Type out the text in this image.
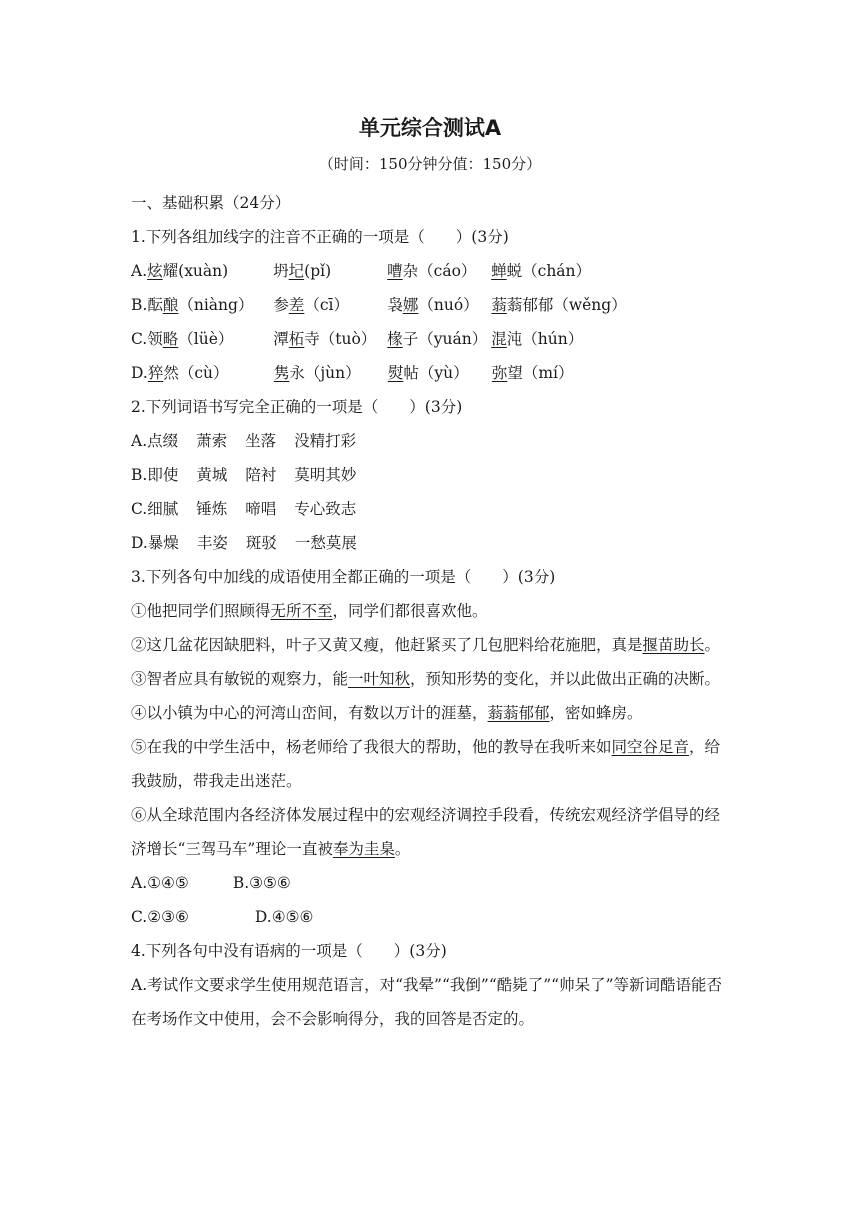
单元综合测试A
（时间：150分钟分值：150分）
一、基础积累（24分）
1.下列各组加线字的注音不正确的一项是（　　）(3分)
A.炫耀(xuàn)	坍圮(pǐ)	嘈杂（cáo） 蝉蜕（chán）
B.酝酿（niàng） 参差（cī） 袅娜（nuó） 蓊蓊郁郁（wěng）
C.领略（lüè）	潭柘寺（tuò） 椽子（yuán） 混沌（hún）
D.猝然（cù）	隽永（jùn） 熨帖（yù） 弥望（mí）
2.下列词语书写完全正确的一项是（　　）(3分)
A.点缀 萧索 坐落 没精打彩
B.即使 黄城 陪衬 莫明其妙
C.细腻 锤炼 啼唱 专心致志
D.暴燥 丰姿 斑驳 一愁莫展
3.下列各句中加线的成语使用全都正确的一项是（　　）(3分)
①他把同学们照顾得无所不至，同学们都很喜欢他。
②这几盆花因缺肥料，叶子又黄又瘦，他赶紧买了几包肥料给花施肥，真是揠苗助长。
③智者应具有敏锐的观察力，能一叶知秋，预知形势的变化，并以此做出正确的决断。
④以小镇为中心的河湾山峦间，有数以万计的涯墓，蓊蓊郁郁，密如蜂房。
⑤在我的中学生活中，杨老师给了我很大的帮助，他的教导在我听来如同空谷足音，给我鼓励，带我走出迷茫。
⑥从全球范围内各经济体发展过程中的宏观经济调控手段看，传统宏观经济学倡导的经济增长“三驾马车”理论一直被奉为圭臬。
A.①④⑤	B.③⑤⑥
C.②③⑥	D.④⑤⑥
4.下列各句中没有语病的一项是（　　）(3分)
A.考试作文要求学生使用规范语言，对“我晕”“我倒”“酷毙了”“帅呆了”等新词酷语能否在考场作文中使用，会不会影响得分，我的回答是否定的。
